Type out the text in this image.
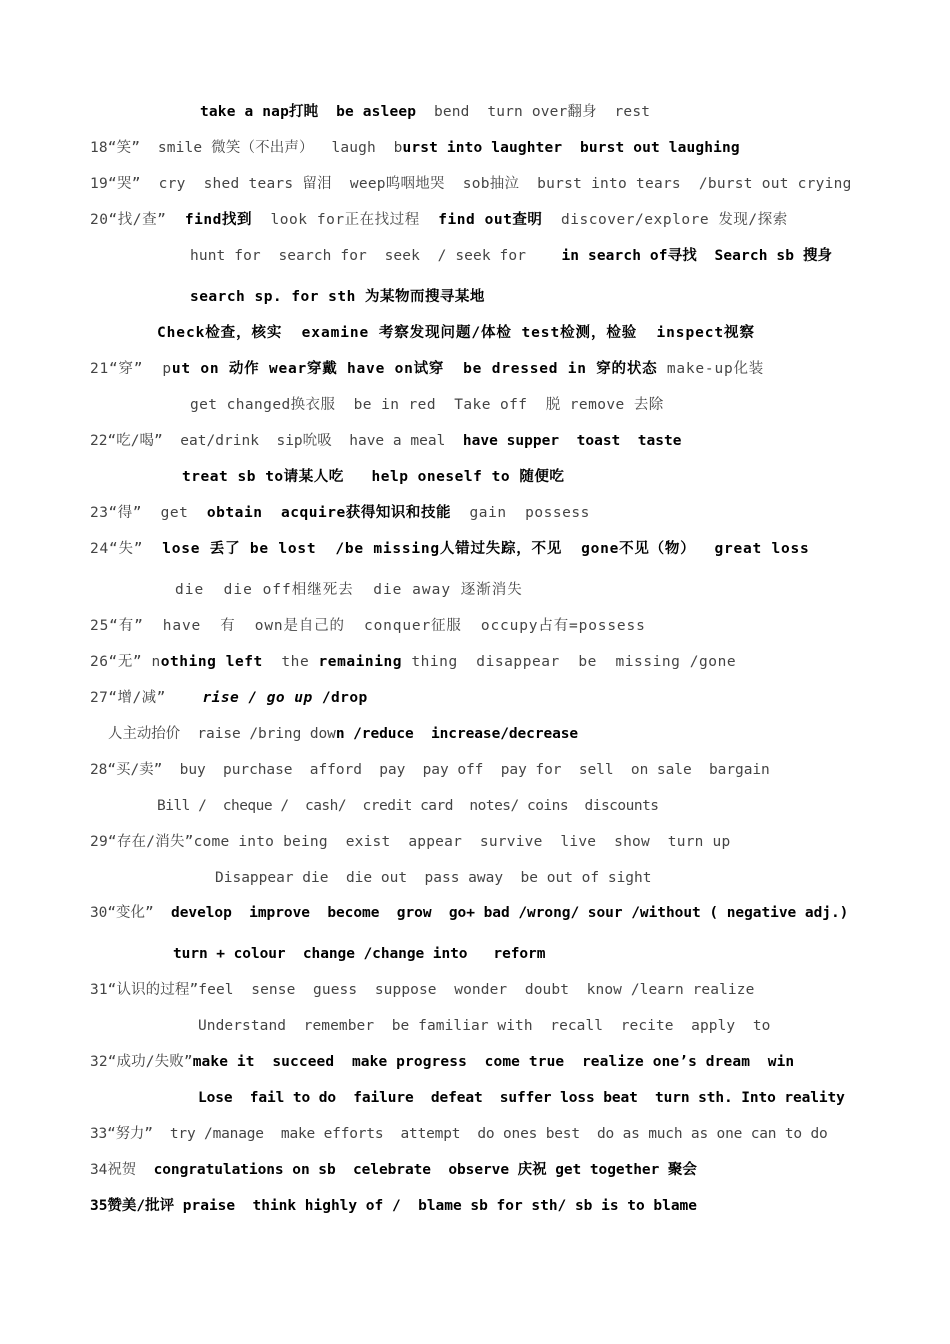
take a nap打盹  be asleep  bend  turn over翻身  rest
18“笑”  smile 微笑（不出声）  laugh  burst into laughter  burst out laughing
19“哭”  cry  shed tears 留泪  weep呜咽地哭  sob抽泣  burst into tears  /burst out crying
20“找/查”  find找到  look for正在找过程  find out查明  discover/explore 发现/探索
hunt for  search for  seek  / seek for    in search of寻找  Search sb 搜身
search sp. for sth 为某物而搜寻某地
Check检查，核实  examine 考察发现问题/体检 test检测，检验  inspect视察
21“穿”  put on 动作 wear穿戴 have on试穿  be dressed in 穿的状态 make-up化装
get changed换衣服  be in red  Take off  脱 remove 去除
22“吃/喝”  eat/drink  sip吮吸  have a meal  have supper  toast  taste
treat sb to请某人吃   help oneself to 随便吃
23“得”  get  obtain  acquire获得知识和技能  gain  possess
24“失”  lose 丢了 be lost  /be missing人错过失踪，不见  gone不见（物）  great loss
die  die off相继死去  die away 逐渐消失
25“有”  have  有  own是自己的  conquer征服  occupy占有=possess
26“无” nothing left  the remaining thing  disappear  be  missing /gone
27“增/减”    rise / go up /drop
人主动抬价  raise /bring down /reduce  increase/decrease
28“买/卖”  buy  purchase  afford  pay  pay off  pay for  sell  on sale  bargain
Bill /  cheque /  cash/  credit card  notes/ coins  discounts
29“存在/消失”come into being  exist  appear  survive  live  show  turn up
Disappear die  die out  pass away  be out of sight
30“变化”  develop  improve  become  grow  go+ bad /wrong/ sour /without ( negative adj.)
turn + colour  change /change into   reform
31“认识的过程”feel  sense  guess  suppose  wonder  doubt  know /learn realize
Understand  remember  be familiar with  recall  recite  apply  to
32“成功/失败”make it  succeed  make progress  come true  realize one’s dream  win
Lose  fail to do  failure  defeat  suffer loss beat  turn sth. Into reality
33“努力”  try /manage  make efforts  attempt  do ones best  do as much as one can to do
34祝贺  congratulations on sb  celebrate  observe 庆祝 get together 聚会
35赞美/批评 praise  think highly of /  blame sb for sth/ sb is to blame
